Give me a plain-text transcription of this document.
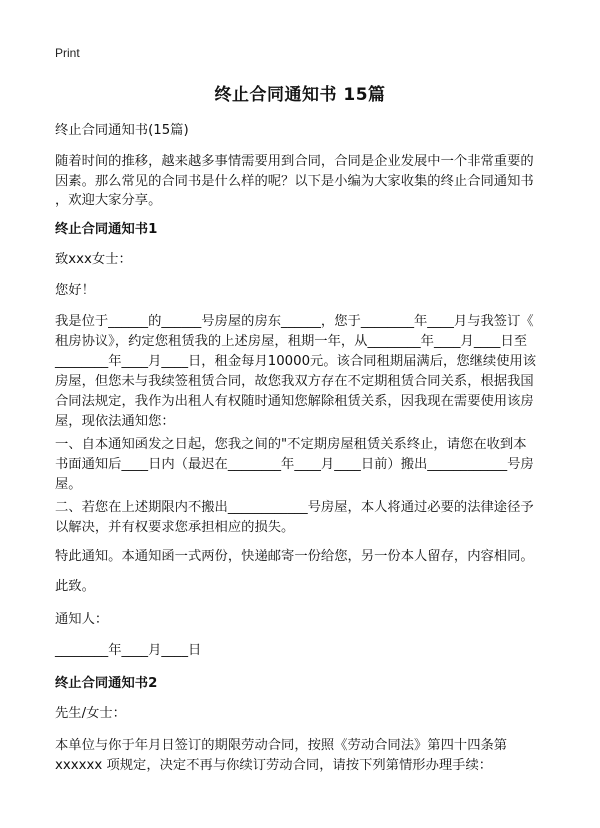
Print
终止合同通知书 15篇
终止合同通知书(15篇)
随着时间的推移，越来越多事情需要用到合同，合同是企业发展中一个非常重要的
因素。那么常见的合同书是什么样的呢？以下是小编为大家收集的终止合同通知书
，欢迎大家分享。
终止合同通知书1
致xxx女士：
您好！
我是位于______的______号房屋的房东______，您于________年____月与我签订《
租房协议》，约定您租赁我的上述房屋，租期一年，从________年____月____日至
________年____月____日，租金每月10000元。该合同租期届满后，您继续使用该
房屋，但您未与我续签租赁合同，故您我双方存在不定期租赁合同关系，根据我国
合同法规定，我作为出租人有权随时通知您解除租赁关系，因我现在需要使用该房
屋，现依法通知您：
一、自本通知函发之日起，您我之间的"不定期房屋租赁关系终止，请您在收到本
书面通知后____日内（最迟在________年____月____日前）搬出____________号房
屋。
二、若您在上述期限内不搬出____________号房屋，本人将通过必要的法律途径予
以解决，并有权要求您承担相应的损失。
特此通知。本通知函一式两份，快递邮寄一份给您，另一份本人留存，内容相同。
此致。
通知人：
________年____月____日
终止合同通知书2
先生/女士：
本单位与你于年月日签订的期限劳动合同，按照《劳动合同法》第四十四条第
xxxxxx 项规定，决定不再与你续订劳动合同，请按下列第情形办理手续：
